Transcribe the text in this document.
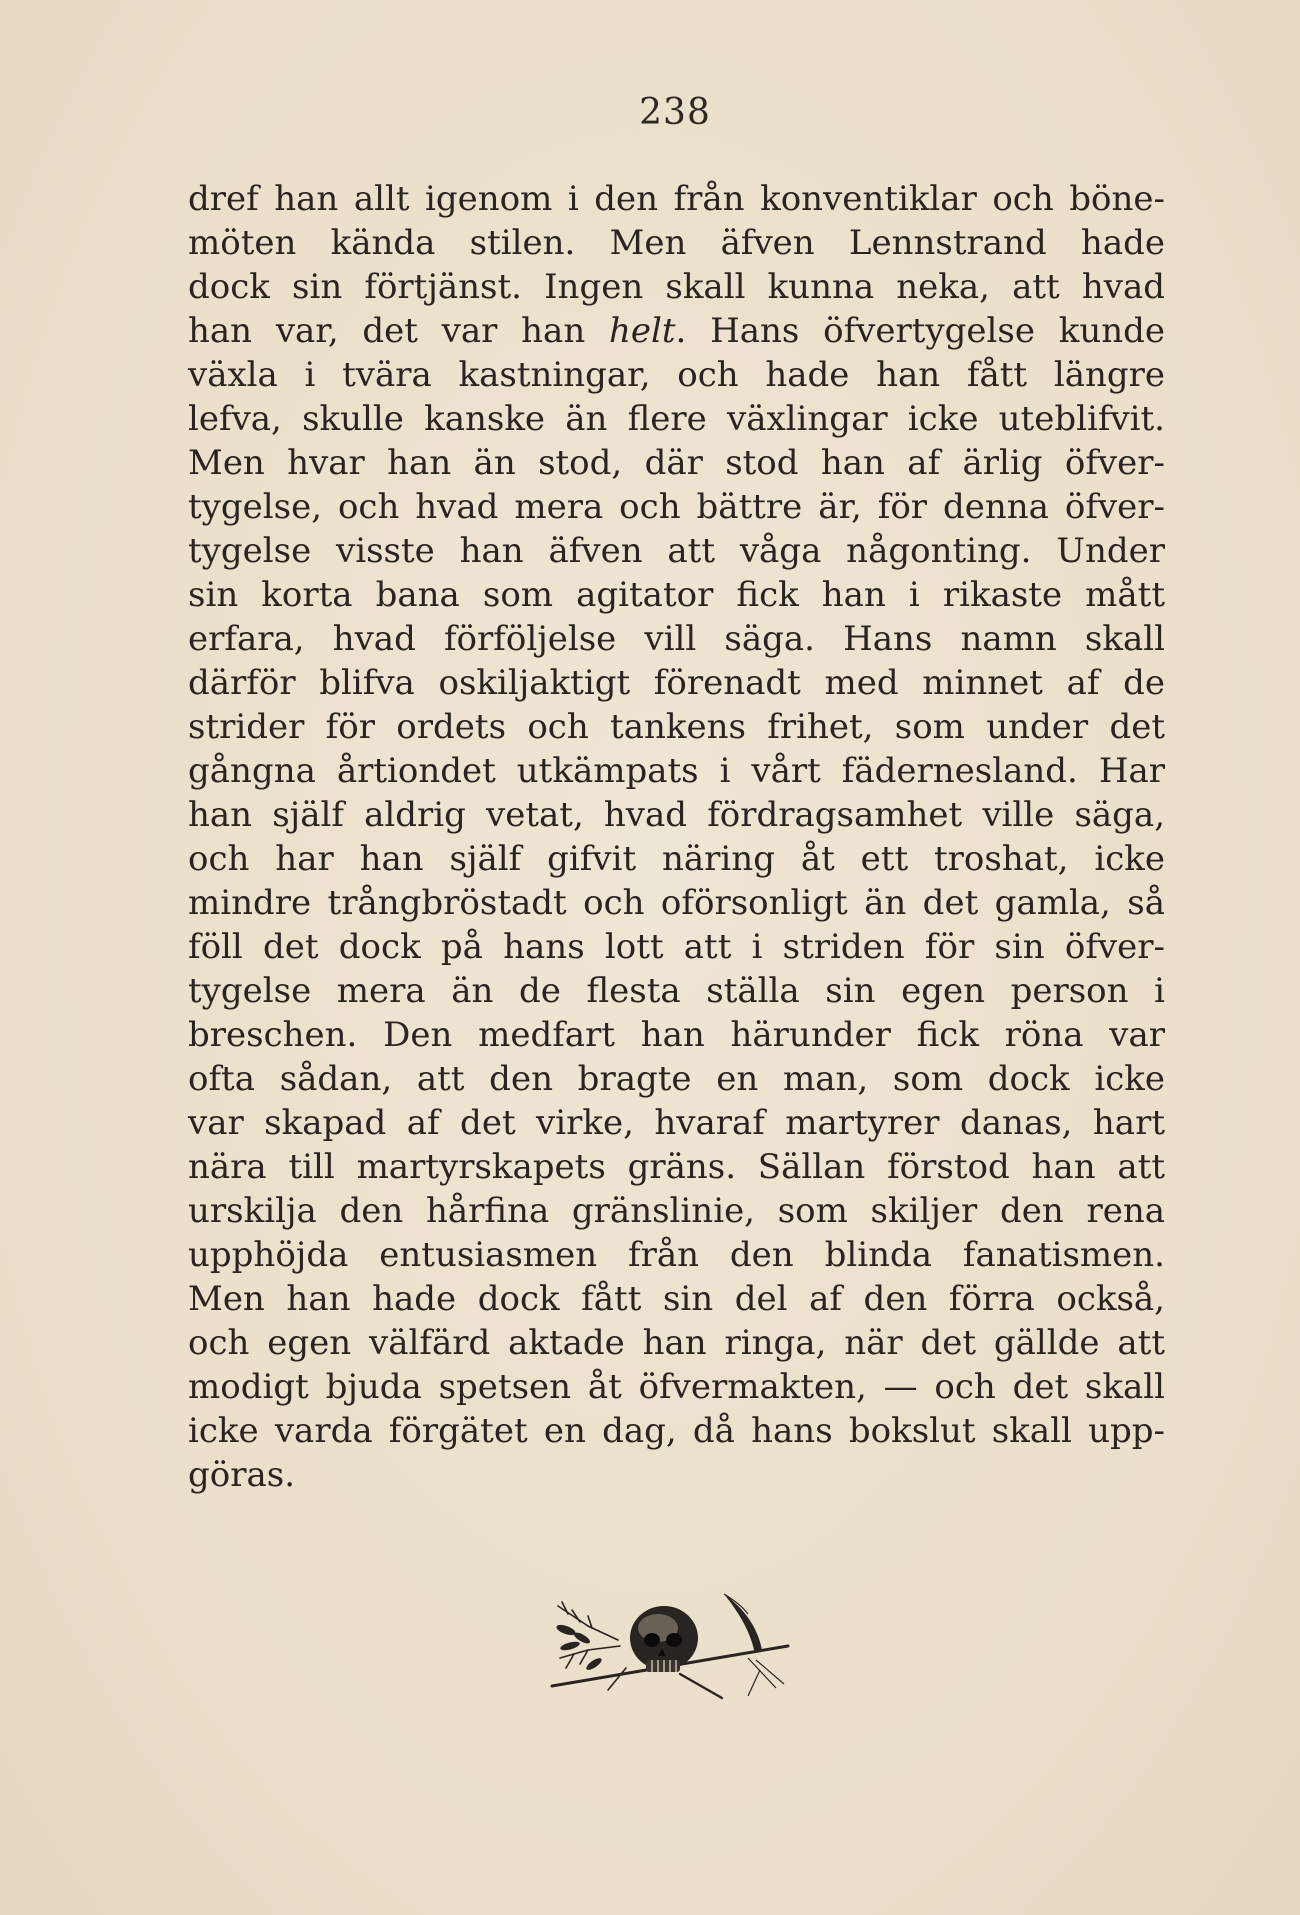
238
dref han allt igenom i den från konventiklar och böne-
möten kända stilen. Men äfven Lennstrand hade
dock sin förtjänst. Ingen skall kunna neka, att hvad
han var, det var han helt. Hans öfvertygelse kunde
växla i tvära kastningar, och hade han fått längre
lefva, skulle kanske än flere växlingar icke uteblifvit.
Men hvar han än stod, där stod han af ärlig öfver-
tygelse, och hvad mera och bättre är, för denna öfver-
tygelse visste han äfven att våga någonting. Under
sin korta bana som agitator fick han i rikaste mått
erfara, hvad förföljelse vill säga. Hans namn skall
därför blifva oskiljaktigt förenadt med minnet af de
strider för ordets och tankens frihet, som under det
gångna årtiondet utkämpats i vårt fädernesland. Har
han själf aldrig vetat, hvad fördragsamhet ville säga,
och har han själf gifvit näring åt ett troshat, icke
mindre trångbröstadt och oförsonligt än det gamla, så
föll det dock på hans lott att i striden för sin öfver-
tygelse mera än de flesta ställa sin egen person i
breschen. Den medfart han härunder fick röna var
ofta sådan, att den bragte en man, som dock icke
var skapad af det virke, hvaraf martyrer danas, hart
nära till martyrskapets gräns. Sällan förstod han att
urskilja den hårfina gränslinie, som skiljer den rena
upphöjda entusiasmen från den blinda fanatismen.
Men han hade dock fått sin del af den förra också,
och egen välfärd aktade han ringa, när det gällde att
modigt bjuda spetsen åt öfvermakten, — och det skall
icke varda förgätet en dag, då hans bokslut skall upp-
göras.
